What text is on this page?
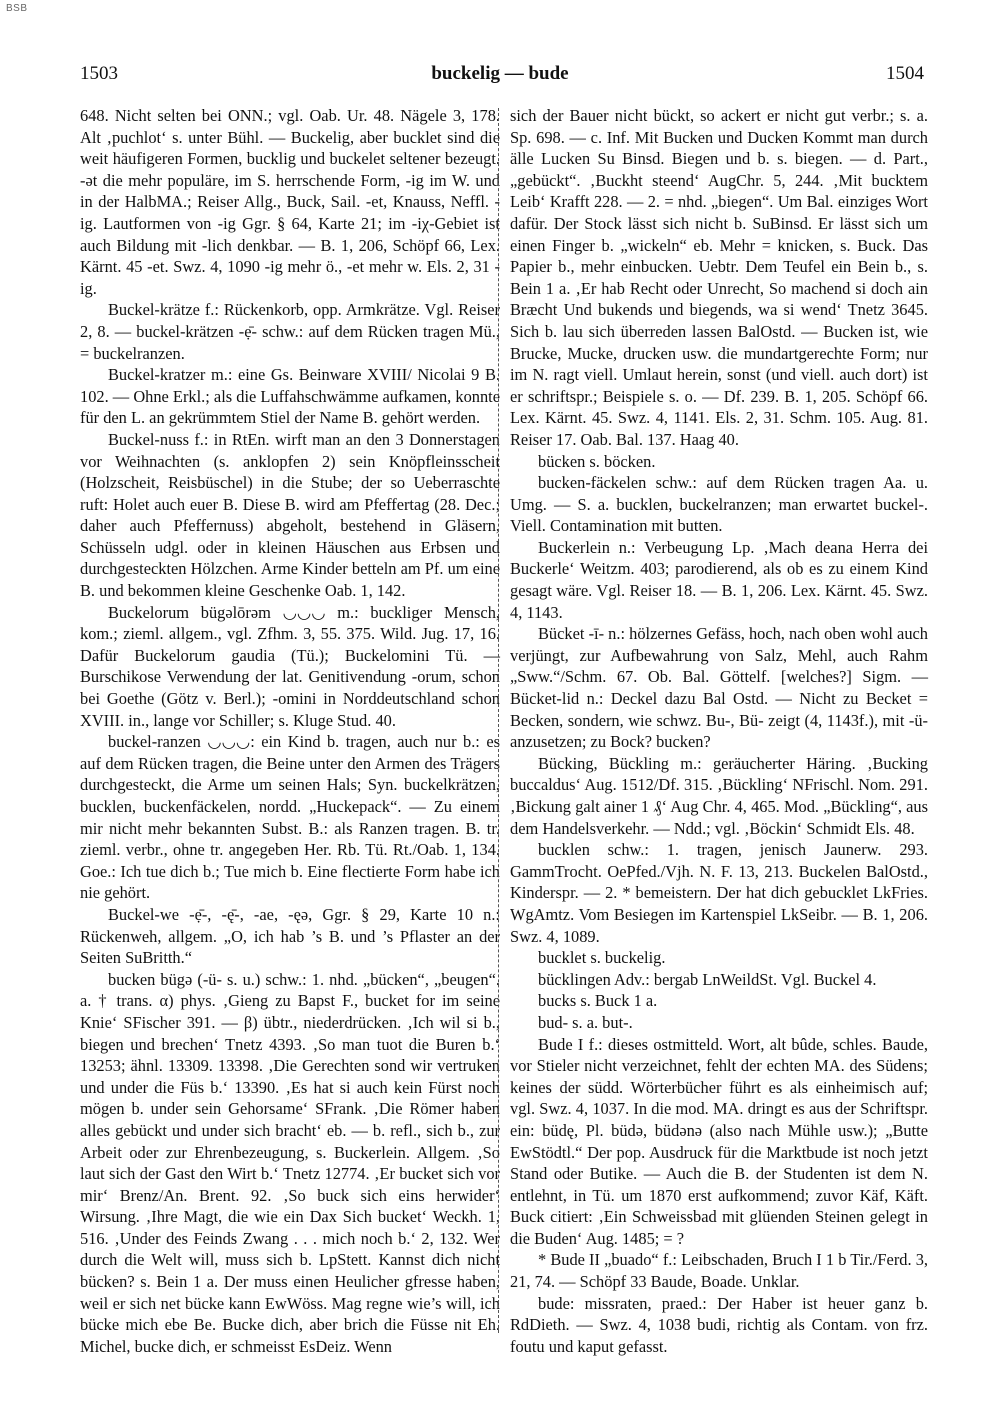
BSB
1503	buckelig — bude	1504

648. Nicht selten bei ONN.; vgl. Oab. Ur. 48. Nägele 3, 178. Alt ‚puchlot‘ s. unter Bühl. — Buckelig, aber bucklet sind die weit häufigeren Formen, bucklig und buckelet seltener bezeugt. -ət die mehr populäre, im S. herrschende Form, -ig im W. und in der HalbMA.; Reiser Allg., Buck, Sail. -et, Knauss, Neffl. -ig. Lautformen von -ig Ggr. § 64, Karte 21; im -iχ-Gebiet ist auch Bildung mit -lich denkbar. — B. 1, 206, Schöpf 66, Lex. Kärnt. 45 -et. Swz. 4, 1090 -ig mehr ö., -et mehr w. Els. 2, 31 -ig.

Buckel-krätze f.: Rückenkorb, opp. Armkrätze. Vgl. Reiser 2, 8. — buckel-krätzen -ẹ̄- schw.: auf dem Rücken tragen Mü., = buckelranzen.

Buckel-kratzer m.: eine Gs. Beinware XVIII/ Nicolai 9 B. 102. — Ohne Erkl.; als die Luffahschwämme aufkamen, konnte für den L. an gekrümmtem Stiel der Name B. gehört werden.

Buckel-nuss f.: in RtEn. wirft man an den 3 Donnerstagen vor Weihnachten (s. anklopfen 2) sein Knöpfleinsscheit (Holzscheit, Reisbüschel) in die Stube; der so Ueberraschte ruft: Holet auch euer B. Diese B. wird am Pfeffertag (28. Dec.; daher auch Pfeffernuss) abgeholt, bestehend in Gläsern, Schüsseln udgl. oder in kleinen Häuschen aus Erbsen und durchgesteckten Hölzchen. Arme Kinder betteln am Pf. um eine B. und bekommen kleine Geschenke Oab. 1, 142.

Buckelorum bügəlōrəm ◡◡◡ m.: buckliger Mensch, kom.; zieml. allgem., vgl. Zfhm. 3, 55. 375. Wild. Jug. 17, 16. Dafür Buckelorum gaudia (Tü.); Buckelomini Tü. — Burschikose Verwendung der lat. Genitivendung -orum, schon bei Goethe (Götz v. Berl.); -omini in Norddeutschland schon XVIII. in., lange vor Schiller; s. Kluge Stud. 40.

buckel-ranzen ◡◡◡: ein Kind b. tragen, auch nur b.: es auf dem Rücken tragen, die Beine unter den Armen des Trägers durchgesteckt, die Arme um seinen Hals; Syn. buckelkrätzen, bucklen, buckenfäckelen, nordd. „Huckepack“. — Zu einem mir nicht mehr bekannten Subst. B.: als Ranzen tragen. B. tr. zieml. verbr., ohne tr. angegeben Her. Rb. Tü. Rt./Oab. 1, 134. Goe.: Ich tue dich b.; Tue mich b. Eine flectierte Form habe ich nie gehört.

Buckel-we -ẹ̄-, -ę̄-, -ae, -ęə, Ggr. § 29, Karte 10 n.: Rückenweh, allgem. „O, ich hab ’s B. und ’s Pflaster an der Seiten SuBritth.“

bucken bügə (-ü- s. u.) schw.: 1. nhd. „bücken“, „beugen“. a. † trans. α) phys. ‚Gieng zu Bapst F., bucket for im seine Knie‘ SFischer 391. — β) übtr., niederdrücken. ‚Ich wil si b., biegen und brechen‘ Tnetz 4393. ‚So man tuot die Buren b.‘ 13253; ähnl. 13309. 13398. ‚Die Gerechten sond wir vertruken und under die Füs b.‘ 13390. ‚Es hat si auch kein Fürst noch mögen b. under sein Gehorsame‘ SFrank. ‚Die Römer haben alles gebückt und under sich bracht‘ eb. — b. refl., sich b., zur Arbeit oder zur Ehrenbezeugung, s. Buckerlein. Allgem. ‚So laut sich der Gast den Wirt b.‘ Tnetz 12774. ‚Er bucket sich vor mir‘ Brenz/An. Brent. 92. ‚So buck sich eins herwider‘ Wirsung. ‚Ihre Magt, die wie ein Dax Sich bucket‘ Weckh. 1, 516. ‚Under des Feinds Zwang . . . mich noch b.‘ 2, 132. Wer durch die Welt will, muss sich b. LpStett. Kannst dich nicht bücken? s. Bein 1 a. Der muss einen Heulicher gfresse haben, weil er sich net bücke kann EwWöss. Mag regne wie’s will, ich bücke mich ebe Be. Bucke dich, aber brich die Füsse nit Eh. Michel, bucke dich, er schmeisst EsDeiz. Wenn

sich der Bauer nicht bückt, so ackert er nicht gut verbr.; s. a. Sp. 698. — c. Inf. Mit Bucken und Ducken Kommt man durch älle Lucken Su Binsd. Biegen und b. s. biegen. — d. Part., „gebückt“. ‚Buckht steend‘ AugChr. 5, 244. ‚Mit bucktem Leib‘ Krafft 228. — 2. = nhd. „biegen“. Um Bal. einziges Wort dafür. Der Stock lässt sich nicht b. SuBinsd. Er lässt sich um einen Finger b. „wickeln“ eb. Mehr = knicken, s. Buck. Das Papier b., mehr einbucken. Uebtr. Dem Teufel ein Bein b., s. Bein 1 a. ‚Er hab Recht oder Unrecht, So machend si doch ain Bræcht Und bukends und biegends, wa si wend‘ Tnetz 3645. Sich b. lau sich überreden lassen BalOstd. — Bucken ist, wie Brucke, Mucke, drucken usw. die mundartgerechte Form; nur im N. ragt viell. Umlaut herein, sonst (und viell. auch dort) ist er schriftspr.; Beispiele s. o. — Df. 239. B. 1, 205. Schöpf 66. Lex. Kärnt. 45. Swz. 4, 1141. Els. 2, 31. Schm. 105. Aug. 81. Reiser 17. Oab. Bal. 137. Haag 40.

bücken s. böcken.

bucken-fäckelen schw.: auf dem Rücken tragen Aa. u. Umg. — S. a. bucklen, buckelranzen; man erwartet buckel-. Viell. Contamination mit butten.

Buckerlein n.: Verbeugung Lp. ‚Mach deana Herra dei Buckerle‘ Weitzm. 403; parodierend, als ob es zu einem Kind gesagt wäre. Vgl. Reiser 18. — B. 1, 206. Lex. Kärnt. 45. Swz. 4, 1143.

Bücket -ī- n.: hölzernes Gefäss, hoch, nach oben wohl auch verjüngt, zur Aufbewahrung von Salz, Mehl, auch Rahm „Sww.“/Schm. 67. Ob. Bal. Göttelf. [welches?] Sigm. — Bücket-lid n.: Deckel dazu Bal Ostd. — Nicht zu Becket = Becken, sondern, wie schwz. Bu-, Bü- zeigt (4, 1143f.), mit -ü- anzusetzen; zu Bock? bucken?

Bücking, Bückling m.: geräucherter Häring. ‚Bucking buccaldus‘ Aug. 1512/Df. 315. ‚Bückling‘ NFrischl. Nom. 291. ‚Bickung galt ainer 1 ₰‘ Aug Chr. 4, 465. Mod. „Bückling“, aus dem Handelsverkehr. — Ndd.; vgl. ‚Böckin‘ Schmidt Els. 48.

bucklen schw.: 1. tragen, jenisch Jaunerw. 293. GammTrocht. OePfed./Vjh. N. F. 13, 213. Buckelen BalOstd., Kinderspr. — 2. * bemeistern. Der hat dich gebucklet LkFries. WgAmtz. Vom Besiegen im Kartenspiel LkSeibr. — B. 1, 206. Swz. 4, 1089.

bucklet s. buckelig.

bücklingen Adv.: bergab LnWeildSt. Vgl. Buckel 4.

bucks s. Buck 1 a.

bud- s. a. but-.

Bude I f.: dieses ostmitteld. Wort, alt bûde, schles. Baude, vor Stieler nicht verzeichnet, fehlt der echten MA. des Südens; keines der südd. Wörterbücher führt es als einheimisch auf; vgl. Swz. 4, 1037. In die mod. MA. dringt es aus der Schriftspr. ein: büdę, Pl. büdə, büdənə (also nach Mühle usw.); „Butte EwStödtl.“ Der pop. Ausdruck für die Marktbude ist noch jetzt Stand oder Butike. — Auch die B. der Studenten ist dem N. entlehnt, in Tü. um 1870 erst aufkommend; zuvor Käf, Käft. Buck citiert: ‚Ein Schweissbad mit glüenden Steinen gelegt in die Buden‘ Aug. 1485; = ?

* Bude II „buado“ f.: Leibschaden, Bruch I 1 b Tir./Ferd. 3, 21, 74. — Schöpf 33 Baude, Boade. Unklar.

bude: missraten, praed.: Der Haber ist heuer ganz b. RdDieth. — Swz. 4, 1038 budi, richtig als Contam. von frz. foutu und kaput gefasst.
